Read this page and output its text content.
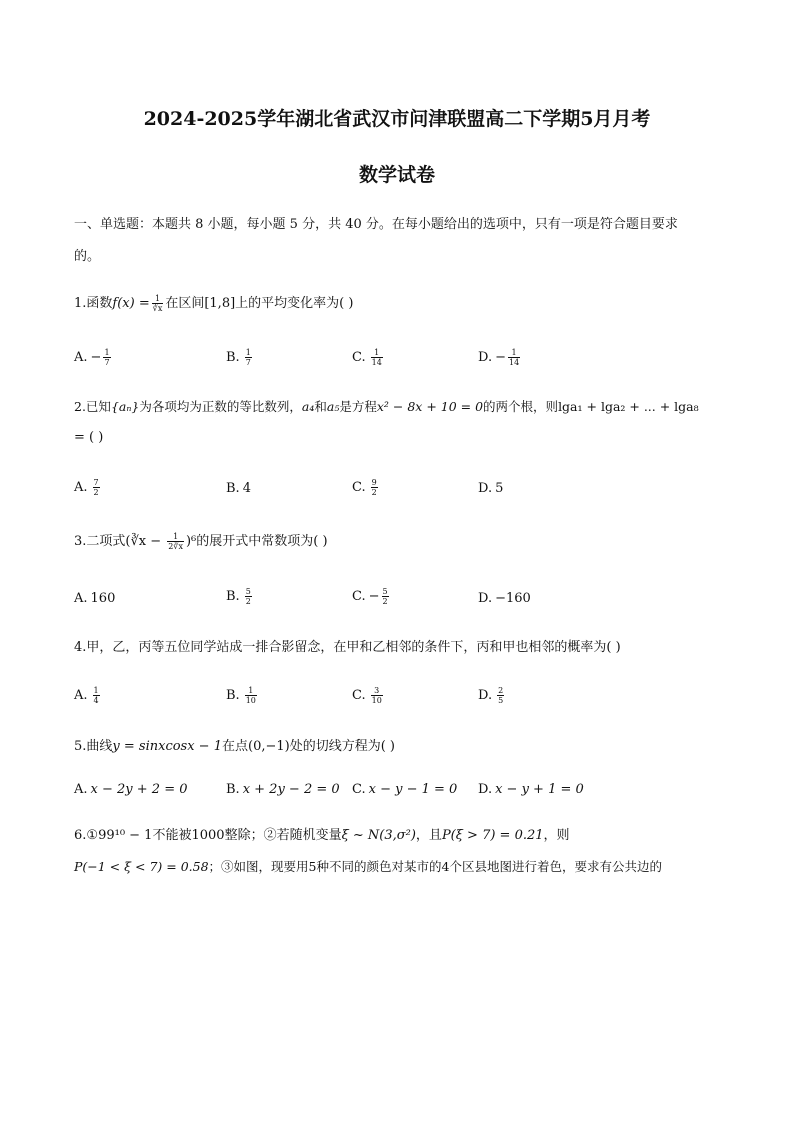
2024-2025学年湖北省武汉市问津联盟高二下学期5月月考
数学试卷
一、单选题：本题共 8 小题，每小题 5 分，共 40 分。在每小题给出的选项中，只有一项是符合题目要求
的。
1.函数$f(x) = \frac{1}{∛x}$ 在区间[1,8]上的平均变化率为( )
A. − $\frac{1}{7}$	B. $\frac{1}{7}$	C. $\frac{1}{14}$	D. − $\frac{1}{14}$
2.已知{aₙ}为各项均为正数的等比数列，a₄和a₅是方程x² − 8x + 10 = 0的两个根，则lga₁ + lga₂ + ... + lga₈
= ( )
A. $\frac{7}{2}$	B. 4	C. $\frac{9}{2}$	D. 5
3.二项式(∛x − $\frac{1}{2∛x} )^6$的展开式中常数项为( )
A. 160	B. $\frac{5}{2}$	C. − $\frac{5}{2}$	D. −160
4.甲，乙，丙等五位同学站成一排合影留念，在甲和乙相邻的条件下，丙和甲也相邻的概率为( )
A. $\frac{1}{4}$	B. $\frac{1}{10}$	C. $\frac{3}{10}$	D. $\frac{2}{5}$
5.曲线y = sinxcosx − 1在点(0,−1)处的切线方程为( )
A. x − 2y + 2 = 0	B. x + 2y − 2 = 0 C. x − y − 1 = 0 D. x − y + 1 = 0
6.①99¹⁰ − 1不能被1000整除；②若随机变量ξ ~ N(3,σ²)，且P(ξ > 7) = 0.21，则
P(−1 < ξ < 7) = 0.58；③如图，现要用5种不同的颜色对某市的4个区县地图进行着色，要求有公共边的
